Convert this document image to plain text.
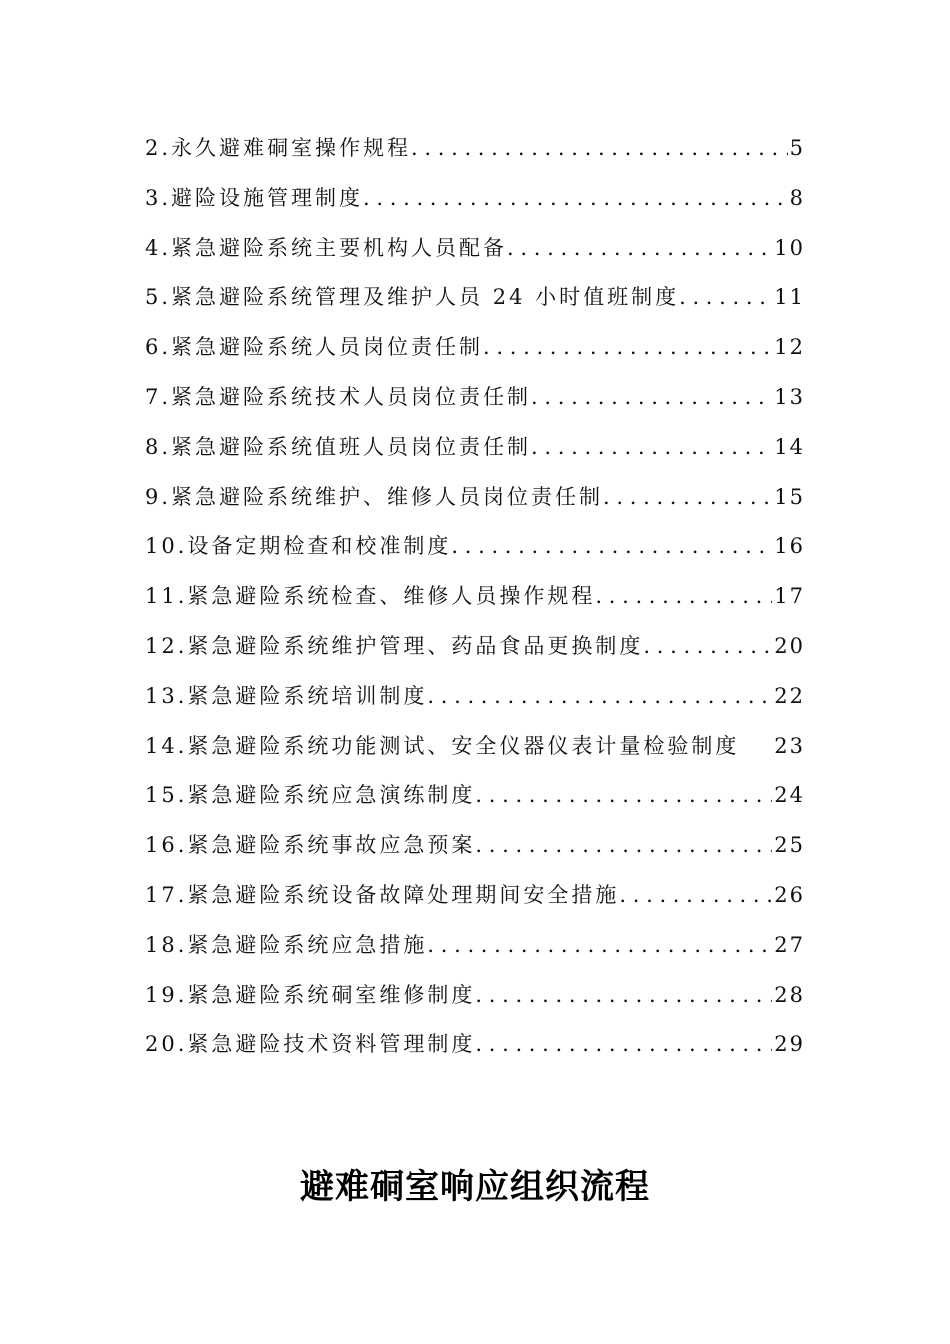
2.永久避难硐室操作规程 . . .	5
3.避险设施管理制度 . . .	8
4.紧急避险系统主要机构人员配备 . . .	10
5.紧急避险系统管理及维护人员 24 小时值班制度 . . .	11
6.紧急避险系统人员岗位责任制 . . .	12
7.紧急避险系统技术人员岗位责任制 . . .	13
8.紧急避险系统值班人员岗位责任制 . . .	14
9.紧急避险系统维护、维修人员岗位责任制 . . .	15
10.设备定期检查和校准制度 . . .	16
11.紧急避险系统检查、维修人员操作规程 . . .	17
12.紧急避险系统维护管理、药品食品更换制度 . . .	20
13.紧急避险系统培训制度 . . .	22
14.紧急避险系统功能测试、安全仪器仪表计量检验制度 23
15.紧急避险系统应急演练制度 . . .	24
16.紧急避险系统事故应急预案 . . .	25
17.紧急避险系统设备故障处理期间安全措施 . . .	26
18.紧急避险系统应急措施 . . .	27
19.紧急避险系统硐室维修制度 . . .	28
20.紧急避险技术资料管理制度 . . .	29
避难硐室响应组织流程
